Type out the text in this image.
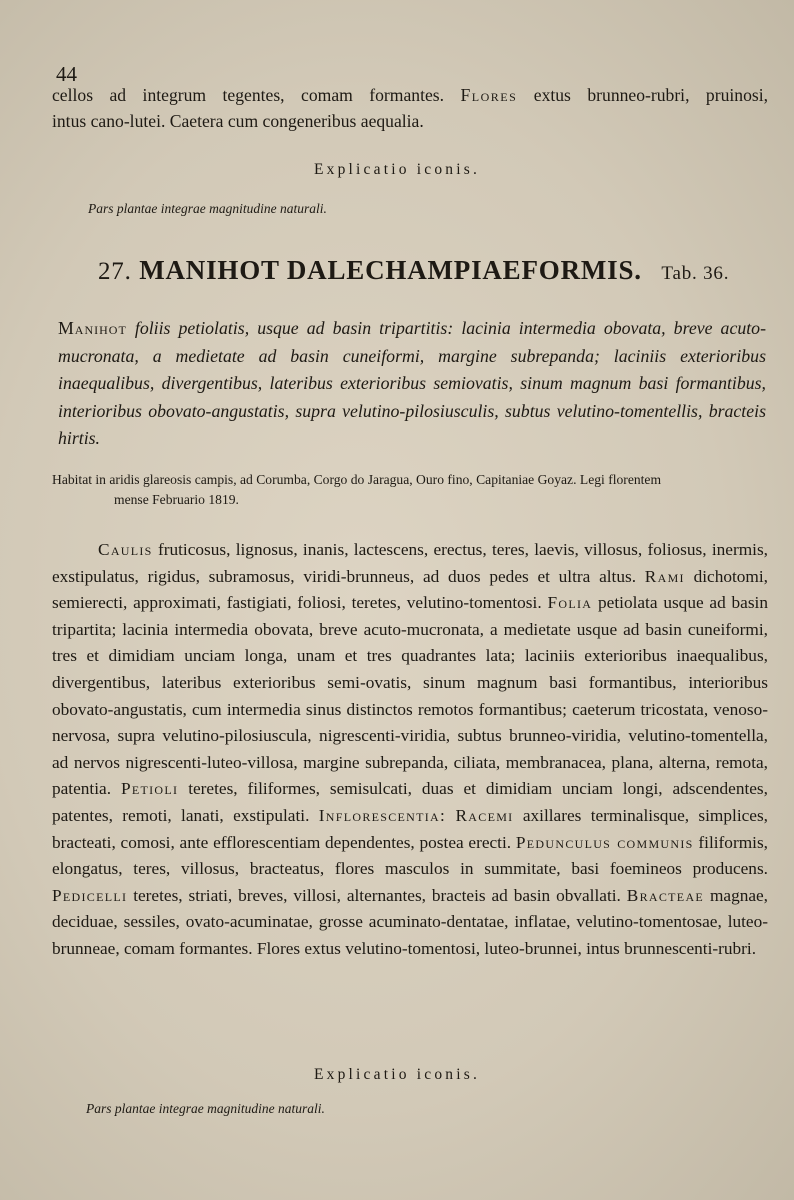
44

cellos ad integrum tegentes, comam formantes. Flores extus brunneo-rubri, pruinosi,

intus cano-lutei. Caetera cum congeneribus aequalia.

Explicatio iconis.
Pars plantae integrae magnitudine naturali.
27. MANIHOT DALECHAMPIAEFORMIS. Tab. 36.
Manihot foliis petiolatis, usque ad basin tripartitis: lacinia intermedia obovata, breve acuto-mucronata, a medietate ad basin cuneiformi, margine subrepanda; laciniis exterioribus inaequalibus, divergentibus, lateribus exterioribus semiovatis, sinum magnum basi formantibus, interioribus obovato-angustatis, supra velutino-pilosiusculis, subtus velutino-tomentellis, bracteis hirtis.
Habitat in aridis glareosis campis, ad Corumba, Corgo do Jaragua, Ouro fino, Capitaniae Goyaz. Legi florentem
mense Februario 1819.
Caulis fruticosus, lignosus, inanis, lactescens, erectus, teres, laevis, villosus, foliosus, inermis, exstipulatus, rigidus, subramosus, viridi-brunneus, ad duos pedes et ultra altus. Rami dichotomi, semierecti, approximati, fastigiati, foliosi, teretes, velutino-tomentosi. Folia petiolata usque ad basin tripartita; lacinia intermedia obovata, breve acuto-mucronata, a medietate usque ad basin cuneiformi, tres et dimidiam unciam longa, unam et tres quadrantes lata; laciniis exterioribus inaequalibus, divergentibus, lateribus exterioribus semi-ovatis, sinum magnum basi formantibus, interioribus obovato-angustatis, cum intermedia sinus distinctos remotos formantibus; caeterum tricostata, venoso-nervosa, supra velutino-pilosiuscula, nigrescenti-viridia, subtus brunneo-viridia, velutino-tomentella, ad nervos nigrescenti-luteo-villosa, margine subrepanda, ciliata, membranacea, plana, alterna, remota, patentia. Petioli teretes, filiformes, semisulcati, duas et dimidiam unciam longi, adscendentes, patentes, remoti, lanati, exstipulati. Inflorescentia: Racemi axillares terminalisque, simplices, bracteati, comosi, ante efflorescentiam dependentes, postea erecti. Pedunculus communis filiformis, elongatus, teres, villosus, bracteatus, flores masculos in summitate, basi foemineos producens. Pedicelli teretes, striati, breves, villosi, alternantes, bracteis ad basin obvallati. Bracteae magnae, deciduae, sessiles, ovato-acuminatae, grosse acuminato-dentatae, inflatae, velutino-tomentosae, luteo-brunneae, comam formantes. Flores extus velutino-tomentosi, luteo-brunnei, intus brunnescenti-rubri.
Explicatio iconis.
Pars plantae integrae magnitudine naturali.
